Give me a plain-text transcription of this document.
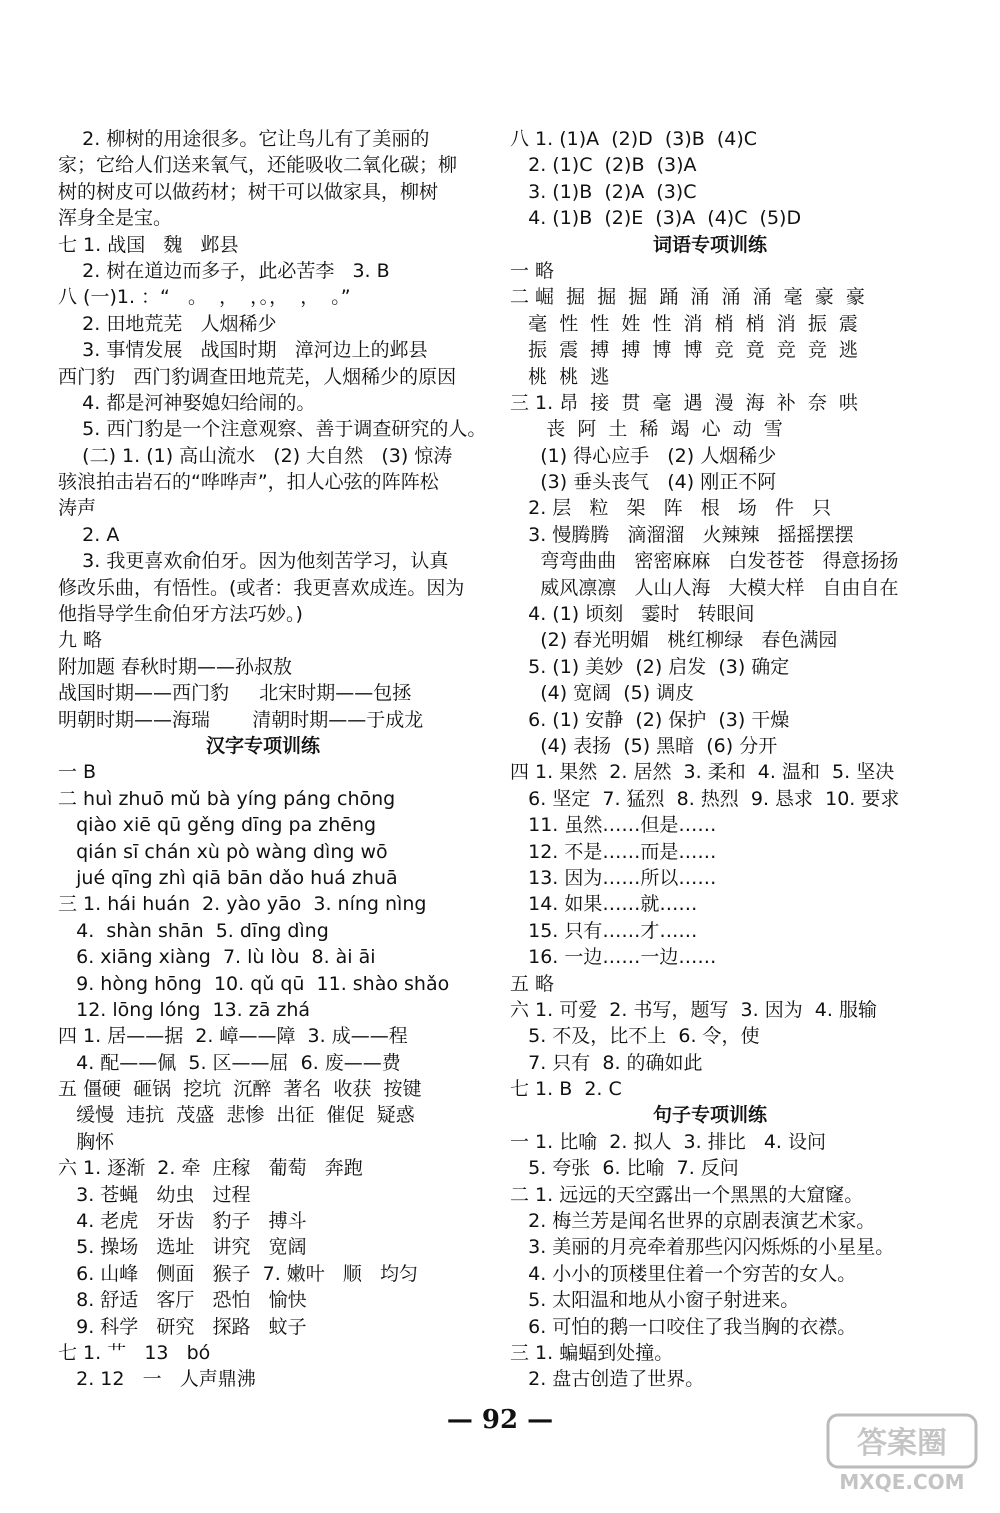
2. 柳树的用途很多。它让鸟儿有了美丽的
家；它给人们送来氧气，还能吸收二氧化碳；柳
树的树皮可以做药材；树干可以做家具，柳树
浑身全是宝。
七 1. 战国   魏   邺县
2. 树在道边而多子，此必苦李   3. B
八 (一)1. ：“   。  ，  ，。，  ，  。”
2. 田地荒芜   人烟稀少
3. 事情发展   战国时期   漳河边上的邺县
西门豹   西门豹调查田地荒芜，人烟稀少的原因
4. 都是河神娶媳妇给闹的。
5. 西门豹是一个注意观察、善于调查研究的人。
(二) 1. (1) 高山流水   (2) 大自然   (3) 惊涛
骇浪拍击岩石的“哗哗声”，扣人心弦的阵阵松
涛声
2. A
3. 我更喜欢俞伯牙。因为他刻苦学习，认真
修改乐曲，有悟性。(或者：我更喜欢成连。因为
他指导学生俞伯牙方法巧妙。)
九 略
附加题 春秋时期——孙叔敖
战国时期——西门豹     北宋时期——包拯
明朝时期——海瑞       清朝时期——于成龙
汉字专项训练
一 B
二 huì zhuō mǔ bà yíng páng chōng
qiào xiē qū gěng dīng pa zhēng
qián sī chán xù pò wàng dìng wō
jué qīng zhì qiā bān dǎo huá zhuā
三 1. hái huán  2. yào yāo  3. níng nìng
4.  shàn shān  5. dīng dìng
6. xiāng xiàng  7. lù lòu  8. ài āi
9. hòng hōng  10. qǔ qū  11. shào shǎo
12. lōng lóng  13. zā zhá
四 1. 居——据  2. 嶂——障  3. 成——程
4. 配——佩  5. 区——屈  6. 废——费
五 僵硬  砸锅  挖坑  沉醉  著名  收获  按键
缓慢  违抗  茂盛  悲惨  出征  催促  疑惑
胸怀
六 1. 逐渐  2. 牵  庄稼   葡萄   奔跑
3. 苍蝇   幼虫   过程
4. 老虎   牙齿   豹子   搏斗
5. 操场   选址   讲究   宽阔
6. 山峰   侧面   猴子  7. 嫩叶   顺   均匀
8. 舒适   客厅   恐怕   愉快
9. 科学   研究   探路   蚊子
七 1. 艹   13   bó
2. 12   一   人声鼎沸
八 1. (1)A  (2)D  (3)B  (4)C
2. (1)C  (2)B  (3)A
3. (1)B  (2)A  (3)C
4. (1)B  (2)E  (3)A  (4)C  (5)D
词语专项训练
一 略
二 崛  掘  掘  掘  踊  涌  涌  涌  毫  豪  豪
毫  性  性  姓  性  消  梢  梢  消  振  震
振  震  搏  搏  博  博  竞  竟  竞  竞  逃
桃  桃  逃
三 1. 昂  接  贯  毫  遇  漫  海  补  奈  哄
丧  阿  土  稀  竭  心  动  雪
(1) 得心应手   (2) 人烟稀少
(3) 垂头丧气   (4) 刚正不阿
2. 层   粒   架   阵   根   场   件   只
3. 慢腾腾   滴溜溜   火辣辣   摇摇摆摆
弯弯曲曲   密密麻麻   白发苍苍   得意扬扬
威风凛凛   人山人海   大模大样   自由自在
4. (1) 顷刻   霎时   转眼间
(2) 春光明媚   桃红柳绿   春色满园
5. (1) 美妙  (2) 启发  (3) 确定
(4) 宽阔  (5) 调皮
6. (1) 安静  (2) 保护  (3) 干燥
(4) 表扬  (5) 黑暗  (6) 分开
四 1. 果然  2. 居然  3. 柔和  4. 温和  5. 坚决
6. 坚定  7. 猛烈  8. 热烈  9. 恳求  10. 要求
11. 虽然……但是……
12. 不是……而是……
13. 因为……所以……
14. 如果……就……
15. 只有……才……
16. 一边……一边……
五 略
六 1. 可爱  2. 书写，题写  3. 因为  4. 服输
5. 不及，比不上  6. 令，使
7. 只有  8. 的确如此
七 1. B  2. C
句子专项训练
一 1. 比喻  2. 拟人  3. 排比   4. 设问
5. 夸张  6. 比喻  7. 反问
二 1. 远远的天空露出一个黑黑的大窟窿。
2. 梅兰芳是闻名世界的京剧表演艺术家。
3. 美丽的月亮牵着那些闪闪烁烁的小星星。
4. 小小的顶楼里住着一个穷苦的女人。
5. 太阳温和地从小窗子射进来。
6. 可怕的鹅一口咬住了我当胸的衣襟。
三 1. 蝙蝠到处撞。
2. 盘古创造了世界。
— 92 —
答案圈
MXQE.COM
